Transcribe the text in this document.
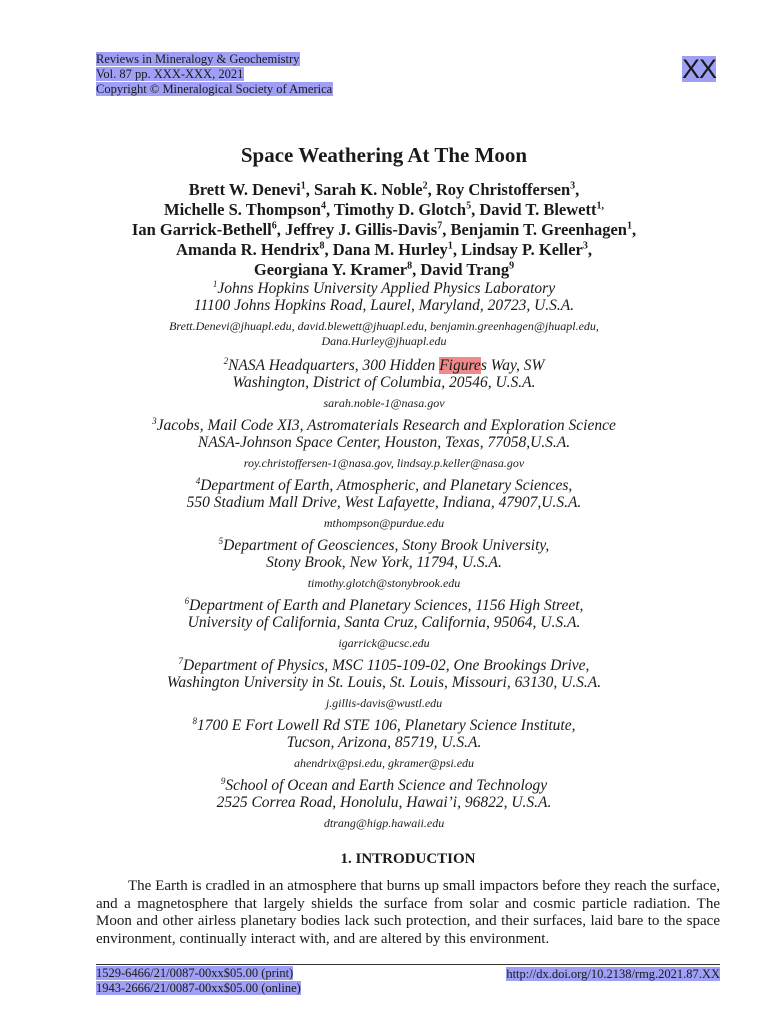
Reviews in Mineralogy & Geochemistry
Vol. 87 pp. XXX-XXX, 2021
Copyright © Mineralogical Society of America
XX
Space Weathering At The Moon
Brett W. Denevi$^1$, Sarah K. Noble$^2$, Roy Christoffersen$^3$,
Michelle S. Thompson$^4$, Timothy D. Glotch$^5$, David T. Blewett$^{1,}$
Ian Garrick-Bethell$^6$, Jeffrey J. Gillis-Davis$^7$, Benjamin T. Greenhagen$^1$,
Amanda R. Hendrix$^8$, Dana M. Hurley$^1$, Lindsay P. Keller$^3$,
Georgiana Y. Kramer$^8$, David Trang$^9$
$^1$Johns Hopkins University Applied Physics Laboratory
11100 Johns Hopkins Road, Laurel, Maryland, 20723, U.S.A.
Brett.Denevi@jhuapl.edu, david.blewett@jhuapl.edu, benjamin.greenhagen@jhuapl.edu,
Dana.Hurley@jhuapl.edu
$^2$NASA Headquarters, 300 Hidden Figures Way, SW
Washington, District of Columbia, 20546, U.S.A.
sarah.noble-1@nasa.gov
$^3$Jacobs, Mail Code XI3, Astromaterials Research and Exploration Science
NASA-Johnson Space Center, Houston, Texas, 77058,U.S.A.
roy.christoffersen-1@nasa.gov, lindsay.p.keller@nasa.gov
$^4$Department of Earth, Atmospheric, and Planetary Sciences,
550 Stadium Mall Drive, West Lafayette, Indiana, 47907,U.S.A.
mthompson@purdue.edu
$^5$Department of Geosciences, Stony Brook University,
Stony Brook, New York, 11794, U.S.A.
timothy.glotch@stonybrook.edu
$^6$Department of Earth and Planetary Sciences, 1156 High Street,
University of California, Santa Cruz, California, 95064, U.S.A.
igarrick@ucsc.edu
$^7$Department of Physics, MSC 1105-109-02, One Brookings Drive,
Washington University in St. Louis, St. Louis, Missouri, 63130, U.S.A.
j.gillis-davis@wustl.edu
$^8$1700 E Fort Lowell Rd STE 106, Planetary Science Institute,
Tucson, Arizona, 85719, U.S.A.
ahendrix@psi.edu, gkramer@psi.edu
$^9$School of Ocean and Earth Science and Technology
2525 Correa Road, Honolulu, Hawai’i, 96822, U.S.A.
dtrang@higp.hawaii.edu
1. INTRODUCTION

The Earth is cradled in an atmosphere that burns up small impactors before they reach the surface, and a magnetosphere that largely shields the surface from solar and cosmic particle radiation. The Moon and other airless planetary bodies lack such protection, and their surfaces, laid bare to the space environment, continually interact with, and are altered by this environment.

1529-6466/21/0087-00xx$05.00 (print)
1943-2666/21/0087-00xx$05.00 (online)
http://dx.doi.org/10.2138/rmg.2021.87.XX
